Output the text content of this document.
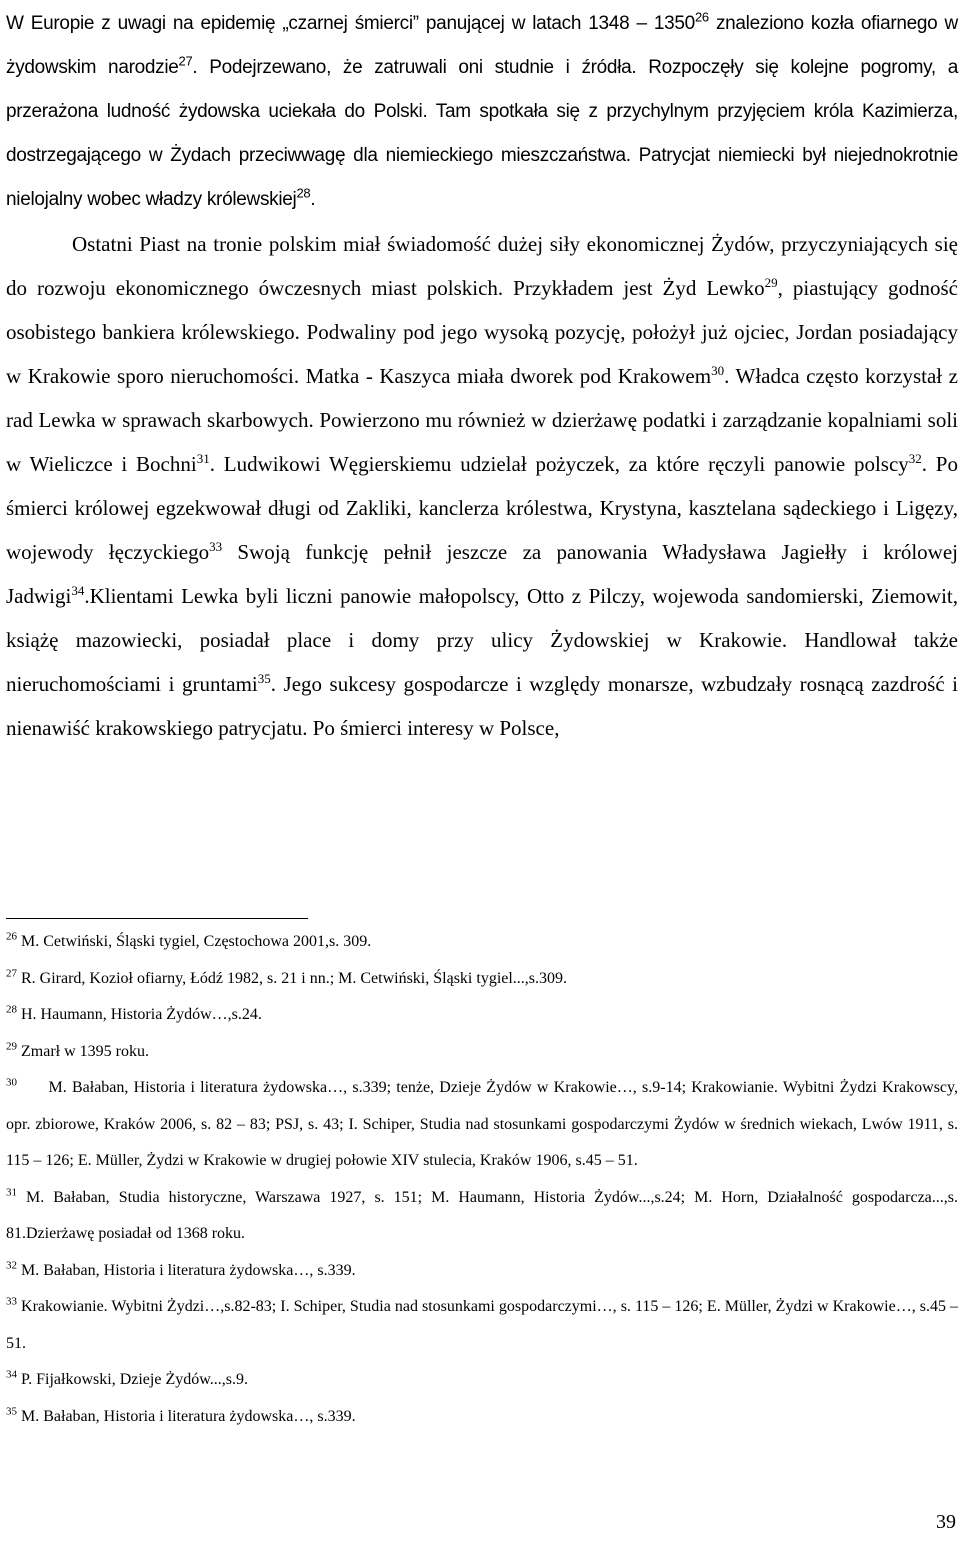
W Europie z uwagi na epidemię „czarnej śmierci” panującej w latach 1348 – 1350$^{26}$ znaleziono kozła ofiarnego w żydowskim narodzie$^{27}$. Podejrzewano, że zatruwali oni studnie i źródła. Rozpoczęły się kolejne pogromy, a przerażona ludność żydowska uciekała do Polski. Tam spotkała się z przychylnym przyjęciem króla Kazimierza, dostrzegającego w Żydach przeciwwagę dla niemieckiego mieszczaństwa. Patrycjat niemiecki był niejednokrotnie nielojalny wobec władzy królewskiej$^{28}$.

Ostatni Piast na tronie polskim miał świadomość dużej siły ekonomicznej Żydów, przyczyniających się do rozwoju ekonomicznego ówczesnych miast polskich. Przykładem jest Żyd Lewko$^{29}$, piastujący godność osobistego bankiera królewskiego. Podwaliny pod jego wysoką pozycję, położył już ojciec, Jordan posiadający w Krakowie sporo nieruchomości. Matka - Kaszyca miała dworek pod Krakowem$^{30}$. Władca często korzystał z rad Lewka w sprawach skarbowych. Powierzono mu również w dzierżawę podatki i zarządzanie kopalniami soli w Wieliczce i Bochni$^{31}$. Ludwikowi Węgierskiemu udzielał pożyczek, za które ręczyli panowie polscy$^{32}$. Po śmierci królowej egzekwował długi od Zakliki, kanclerza królestwa, Krystyna, kasztelana sądeckiego i Ligęzy, wojewody łęczyckiego$^{33}$ Swoją funkcję pełnił jeszcze za panowania Władysława Jagiełły i królowej Jadwigi$^{34}$.Klientami Lewka byli liczni panowie małopolscy, Otto z Pilczy, wojewoda sandomierski, Ziemowit, książę mazowiecki, posiadał place i domy przy ulicy Żydowskiej w Krakowie. Handlował także nieruchomościami i gruntami$^{35}$. Jego sukcesy gospodarcze i względy monarsze, wzbudzały rosnącą zazdrość i nienawiść krakowskiego patrycjatu. Po śmierci interesy w Polsce,

$^{26}$ M. Cetwiński, Śląski tygiel, Częstochowa 2001,s. 309.

$^{27}$ R. Girard, Kozioł ofiarny, Łódź 1982, s. 21 i nn.; M. Cetwiński, Śląski tygiel...,s.309.

$^{28}$ H. Haumann, Historia Żydów…,s.24.

$^{29}$ Zmarł w 1395 roku.

$^{30}$      M. Bałaban, Historia i literatura żydowska…, s.339; tenże, Dzieje Żydów w Krakowie…, s.9-14; Krakowianie. Wybitni Żydzi Krakowscy, opr. zbiorowe, Kraków 2006, s. 82 – 83; PSJ, s. 43; I. Schiper, Studia nad stosunkami gospodarczymi Żydów w średnich wiekach, Lwów 1911, s. 115 – 126; E. Müller, Żydzi w Krakowie w drugiej połowie XIV stulecia, Kraków 1906, s.45 – 51.

$^{31}$ M. Bałaban, Studia historyczne, Warszawa 1927, s. 151; M. Haumann, Historia Żydów...,s.24; M. Horn, Działalność gospodarcza...,s. 81.Dzierżawę posiadał od 1368 roku.

$^{32}$ M. Bałaban, Historia i literatura żydowska…, s.339.

$^{33}$ Krakowianie. Wybitni Żydzi…,s.82-83; I. Schiper, Studia nad stosunkami gospodarczymi…, s. 115 – 126; E. Müller, Żydzi w Krakowie…, s.45 – 51.

$^{34}$ P. Fijałkowski, Dzieje Żydów...,s.9.

$^{35}$ M. Bałaban, Historia i literatura żydowska…, s.339.

39
